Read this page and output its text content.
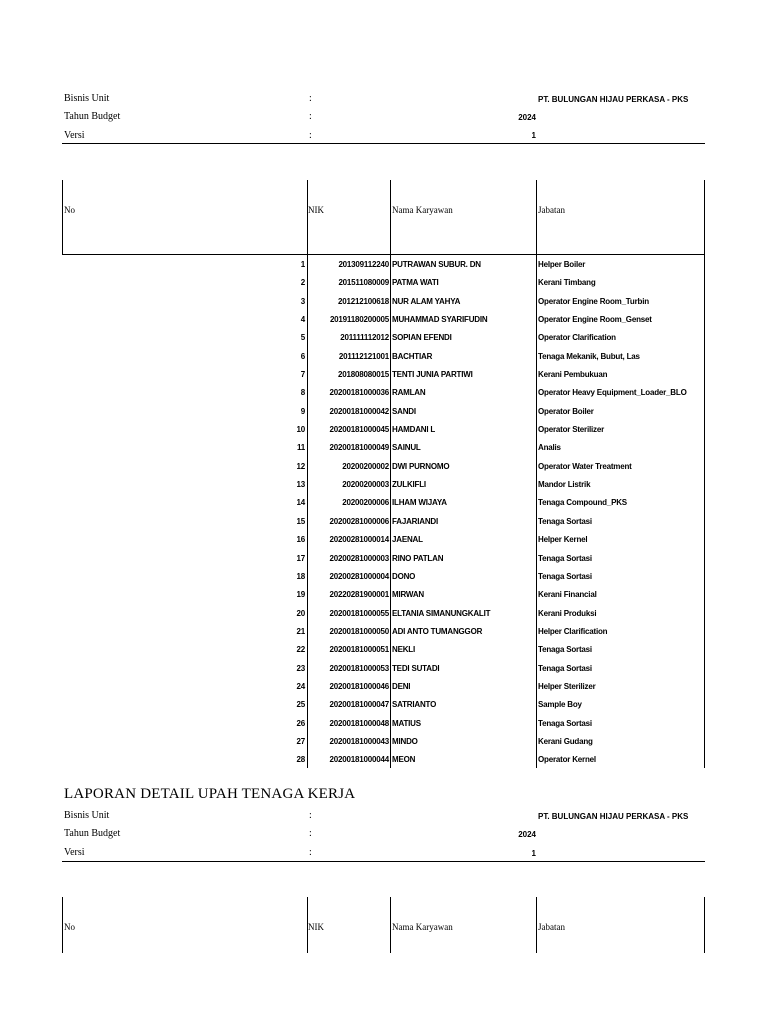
Bisnis Unit	:	PT. BULUNGAN HIJAU PERKASA - PKS
Tahun Budget	:	2024
Versi	:	1
No	NIK	Nama Karyawan	Jabatan
1	201309112240 PUTRAWAN SUBUR. DN	Helper Boiler
2	201511080009 PATMA WATI	Kerani Timbang
3	201212100618 NUR ALAM YAHYA	Operator Engine Room_Turbin
4	20191180200005 MUHAMMAD SYARIFUDIN	Operator Engine Room_Genset
5	201111112012 SOPIAN EFENDI	Operator Clarification
6	201112121001 BACHTIAR	Tenaga Mekanik, Bubut, Las
7	201808080015 TENTI JUNIA PARTIWI	Kerani Pembukuan
8	20200181000036 RAMLAN	Operator Heavy Equipment_Loader_BLO
9	20200181000042 SANDI	Operator Boiler
10	20200181000045 HAMDANI L	Operator Sterilizer
11	20200181000049 SAINUL	Analis
12	20200200002 DWI PURNOMO	Operator Water Treatment
13	20200200003 ZULKIFLI	Mandor Listrik
14	20200200006 ILHAM WIJAYA	Tenaga Compound_PKS
15	20200281000006 FAJARIANDI	Tenaga Sortasi
16	20200281000014 JAENAL	Helper Kernel
17	20200281000003 RINO PATLAN	Tenaga Sortasi
18	20200281000004 DONO	Tenaga Sortasi
19	20220281900001 MIRWAN	Kerani Financial
20	20200181000055 ELTANIA SIMANUNGKALIT	Kerani Produksi
21	20200181000050 ADI ANTO TUMANGGOR	Helper Clarification
22	20200181000051 NEKLI	Tenaga Sortasi
23	20200181000053 TEDI SUTADI	Tenaga Sortasi
24	20200181000046 DENI	Helper Sterilizer
25	20200181000047 SATRIANTO	Sample Boy
26	20200181000048 MATIUS	Tenaga Sortasi
27	20200181000043 MINDO	Kerani Gudang
28	20200181000044 MEON	Operator Kernel
LAPORAN DETAIL UPAH TENAGA KERJA
Bisnis Unit	:	PT. BULUNGAN HIJAU PERKASA - PKS
Tahun Budget	:	2024
Versi	:	1
No	NIK	Nama Karyawan	Jabatan
